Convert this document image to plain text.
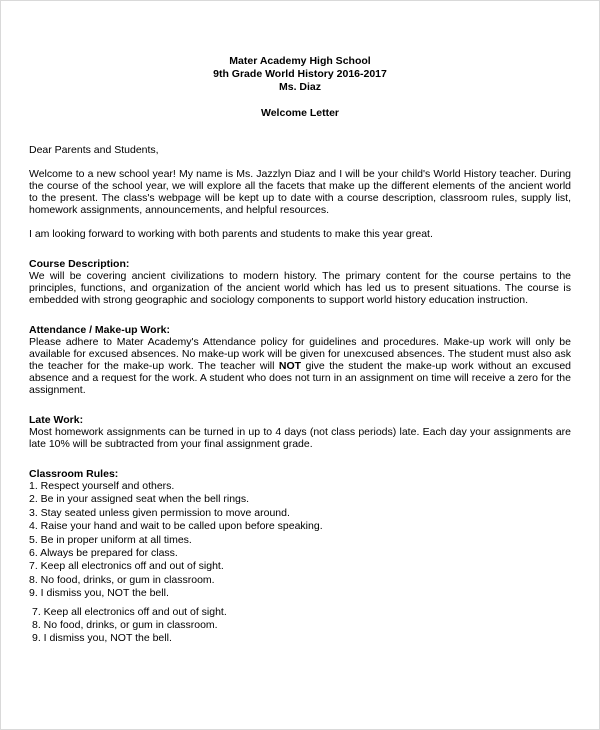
Mater Academy High School
9th Grade World History 2016-2017
Ms. Diaz
Welcome Letter
Dear Parents and Students,

Welcome to a new school year! My name is Ms. Jazzlyn Diaz and I will be your child's World History teacher. During the course of the school year, we will explore all the facets that make up the different elements of the ancient world to the present. The class's webpage will be kept up to date with a course description, classroom rules, supply list, homework assignments, announcements, and helpful resources.

I am looking forward to working with both parents and students to make this year great.
Course Description:

We will be covering ancient civilizations to modern history. The primary content for the course pertains to the principles, functions, and organization of the ancient world which has led us to present situations. The course is embedded with strong geographic and sociology components to support world history education instruction.

Attendance / Make-up Work:

Please adhere to Mater Academy's Attendance policy for guidelines and procedures. Make-up work will only be available for excused absences. No make-up work will be given for unexcused absences. The student must also ask the teacher for the make-up work. The teacher will NOT give the student the make-up work without an excused absence and a request for the work. A student who does not turn in an assignment on time will receive a zero for the assignment.

Late Work:

Most homework assignments can be turned in up to 4 days (not class periods) late. Each day your assignments are late 10% will be subtracted from your final assignment grade.

Classroom Rules:
1. Respect yourself and others.
2. Be in your assigned seat when the bell rings.
3. Stay seated unless given permission to move around.
4. Raise your hand and wait to be called upon before speaking.
5. Be in proper uniform at all times.
6. Always be prepared for class.
7. Keep all electronics off and out of sight.
8. No food, drinks, or gum in classroom.
9. I dismiss you, NOT the bell.
7. Keep all electronics off and out of sight.
8. No food, drinks, or gum in classroom.
9. I dismiss you, NOT the bell.
